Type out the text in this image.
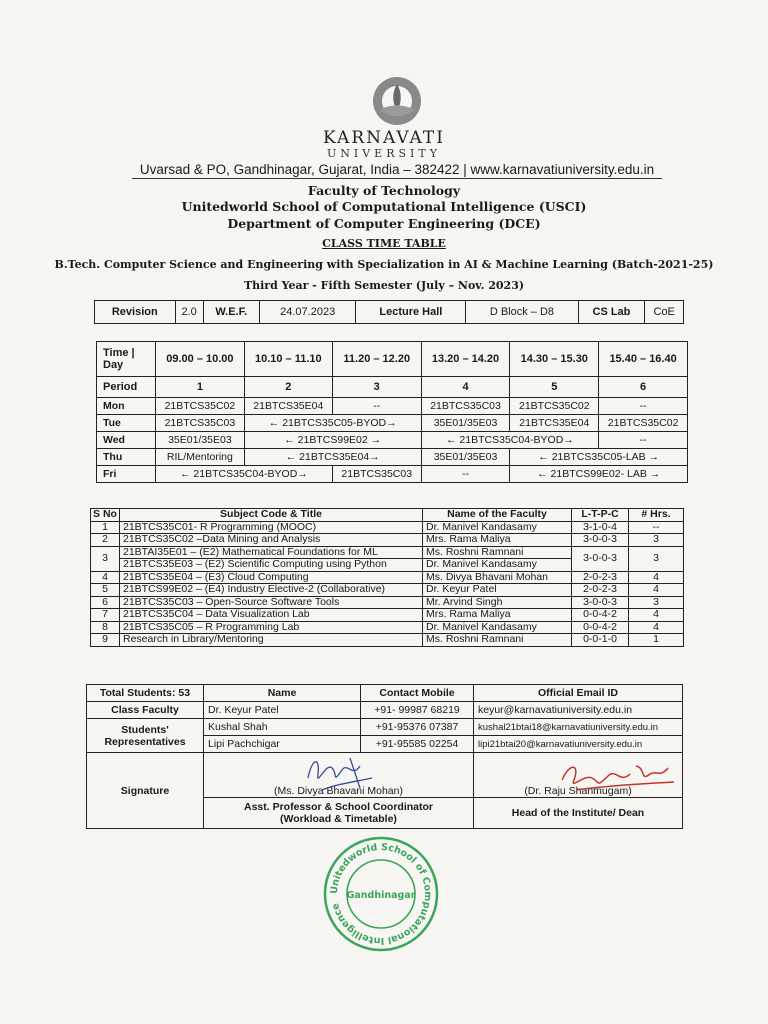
KARNAVATI
UNIVERSITY
Uvarsad & PO, Gandhinagar, Gujarat, India – 382422 | www.karnavatiuniversity.edu.in
Faculty of Technology
Unitedworld School of Computational Intelligence (USCI)
Department of Computer Engineering (DCE)
CLASS TIME TABLE
B.Tech. Computer Science and Engineering with Specialization in AI & Machine Learning (Batch-2021-25)
Third Year - Fifth Semester (July – Nov. 2023)
Revision	2.0	W.E.F.	24.07.2023	Lecture Hall	D Block – D8	CS Lab	CoE
Time | Day	09.00 – 10.00	10.10 – 11.10	11.20 – 12.20	13.20 – 14.20	14.30 – 15.30	15.40 – 16.40
Period	1	2	3	4	5	6
Mon	21BTCS35C02	21BTCS35E04	--	21BTCS35C03	21BTCS35C02	--
Tue	21BTCS35C03	← 21BTCS35C05-BYOD→		35E01/35E03	21BTCS35E04	21BTCS35C02
Wed	35E01/35E03	← 21BTCS99E02 →		← 21BTCS35C04-BYOD→		--
Thu	RIL/Mentoring	← 21BTCS35E04→		35E01/35E03	← 21BTCS35C05-LAB →	
Fri	← 21BTCS35C04-BYOD→		21BTCS35C03	--	← 21BTCS99E02- LAB →	
S No	Subject Code & Title	Name of the Faculty	L-T-P-C	# Hrs.
1	21BTCS35C01- R Programming (MOOC)	Dr. Manivel Kandasamy	3-1-0-4	--
2	21BTCS35C02 –Data Mining and Analysis	Mrs. Rama Maliya	3-0-0-3	3
3	21BTAI35E01 – (E2) Mathematical Foundations for ML	Ms. Roshni Ramnani	3-0-0-3	3
	21BTCS35E03 – (E2) Scientific Computing using Python	Dr. Manivel Kandasamy		
4	21BTCS35E04 – (E3) Cloud Computing	Ms. Divya Bhavani Mohan	2-0-2-3	4
5	21BTCS99E02 – (E4) Industry Elective-2 (Collaborative)	Dr. Keyur Patel	2-0-2-3	4
6	21BTCS35C03 – Open-Source Software Tools	Mr. Arvind Singh	3-0-0-3	3
7	21BTCS35C04 – Data Visualization Lab	Mrs. Rama Maliya	0-0-4-2	4
8	21BTCS35C05 – R Programming Lab	Dr. Manivel Kandasamy	0-0-4-2	4
9	Research in Library/Mentoring	Ms. Roshni Ramnani	0-0-1-0	1
Total Students: 53	Name	Contact Mobile	Official Email ID
Class Faculty	Dr. Keyur Patel	+91- 99987 68219	keyur@karnavatiuniversity.edu.in

Students'
Representatives	Kushal Shah	+91-95376 07387	kushal21btai18@karnavatiuniversity.edu.in
	Lipi Pachchigar	+91-95585 02254	lipi21btai20@karnavatiuniversity.edu.in
Signature	(Ms. Divya Bhavani Mohan)		(Dr. Raju Shanmugam)

	Asst. Professor & School Coordinator
(Workload & Timetable)		Head of the Institute/ Dean
Unitedworld School of Computational Intelligence
Gandhinagar
